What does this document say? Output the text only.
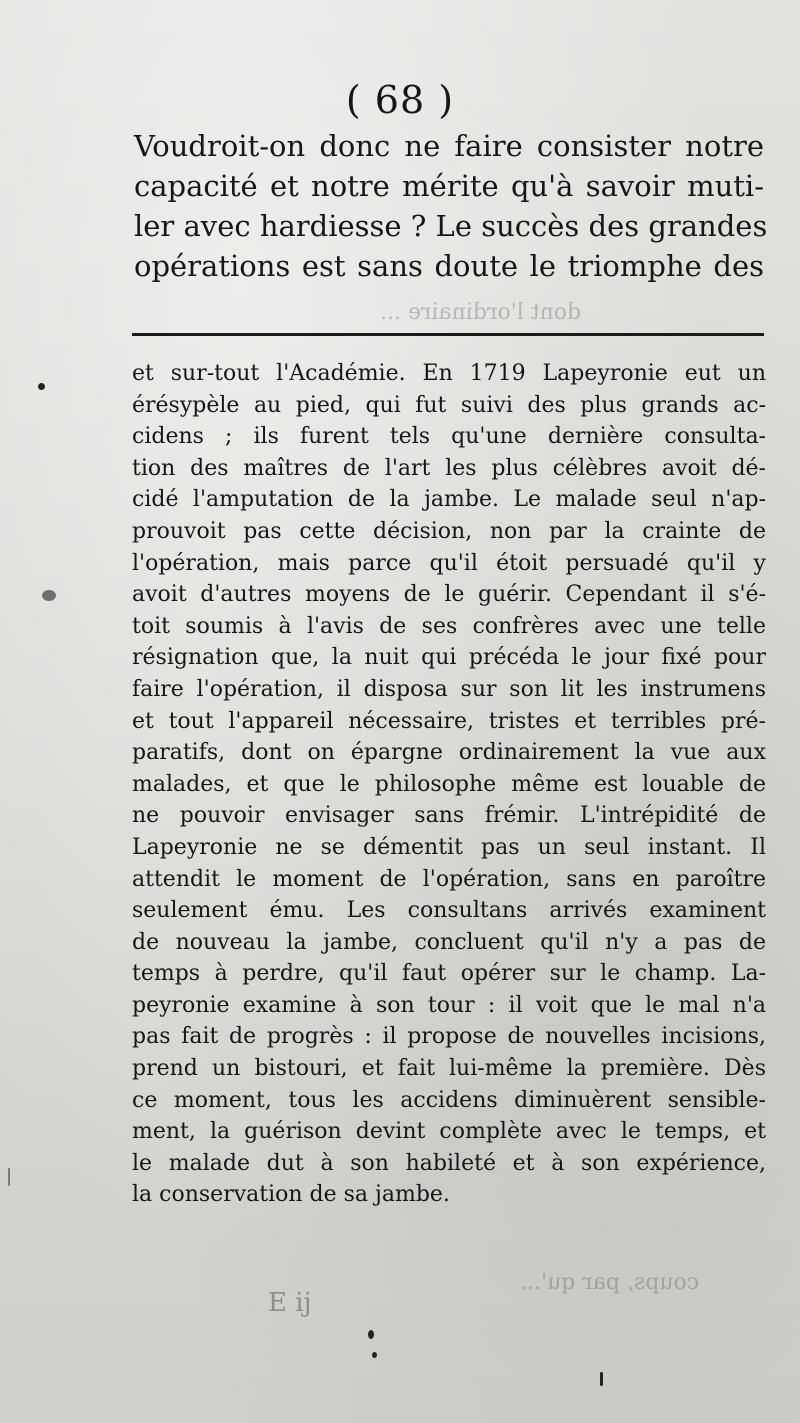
dont l'ordinaire ...
coups, par qu'...
( 68 )
Voudroit-on donc ne faire consister notre
capacité et notre mérite qu'à savoir muti-
ler avec hardiesse ? Le succès des grandes
opérations est sans doute le triomphe des
et sur-tout l'Académie. En 1719 Lapeyronie eut un
érésypèle au pied, qui fut suivi des plus grands ac-
cidens ; ils furent tels qu'une dernière consulta-
tion des maîtres de l'art les plus célèbres avoit dé-
cidé l'amputation de la jambe. Le malade seul n'ap-
prouvoit pas cette décision, non par la crainte de
l'opération, mais parce qu'il étoit persuadé qu'il y
avoit d'autres moyens de le guérir. Cependant il s'é-
toit soumis à l'avis de ses confrères avec une telle
résignation que, la nuit qui précéda le jour fixé pour
faire l'opération, il disposa sur son lit les instrumens
et tout l'appareil nécessaire, tristes et terribles pré-
paratifs, dont on épargne ordinairement la vue aux
malades, et que le philosophe même est louable de
ne pouvoir envisager sans frémir. L'intrépidité de
Lapeyronie ne se démentit pas un seul instant. Il
attendit le moment de l'opération, sans en paroître
seulement ému. Les consultans arrivés examinent
de nouveau la jambe, concluent qu'il n'y a pas de
temps à perdre, qu'il faut opérer sur le champ. La-
peyronie examine à son tour : il voit que le mal n'a
pas fait de progrès : il propose de nouvelles incisions,
prend un bistouri, et fait lui-même la première. Dès
ce moment, tous les accidens diminuèrent sensible-
ment, la guérison devint complète avec le temps, et
le malade dut à son habileté et à son expérience,
la conservation de sa jambe.
E ij
